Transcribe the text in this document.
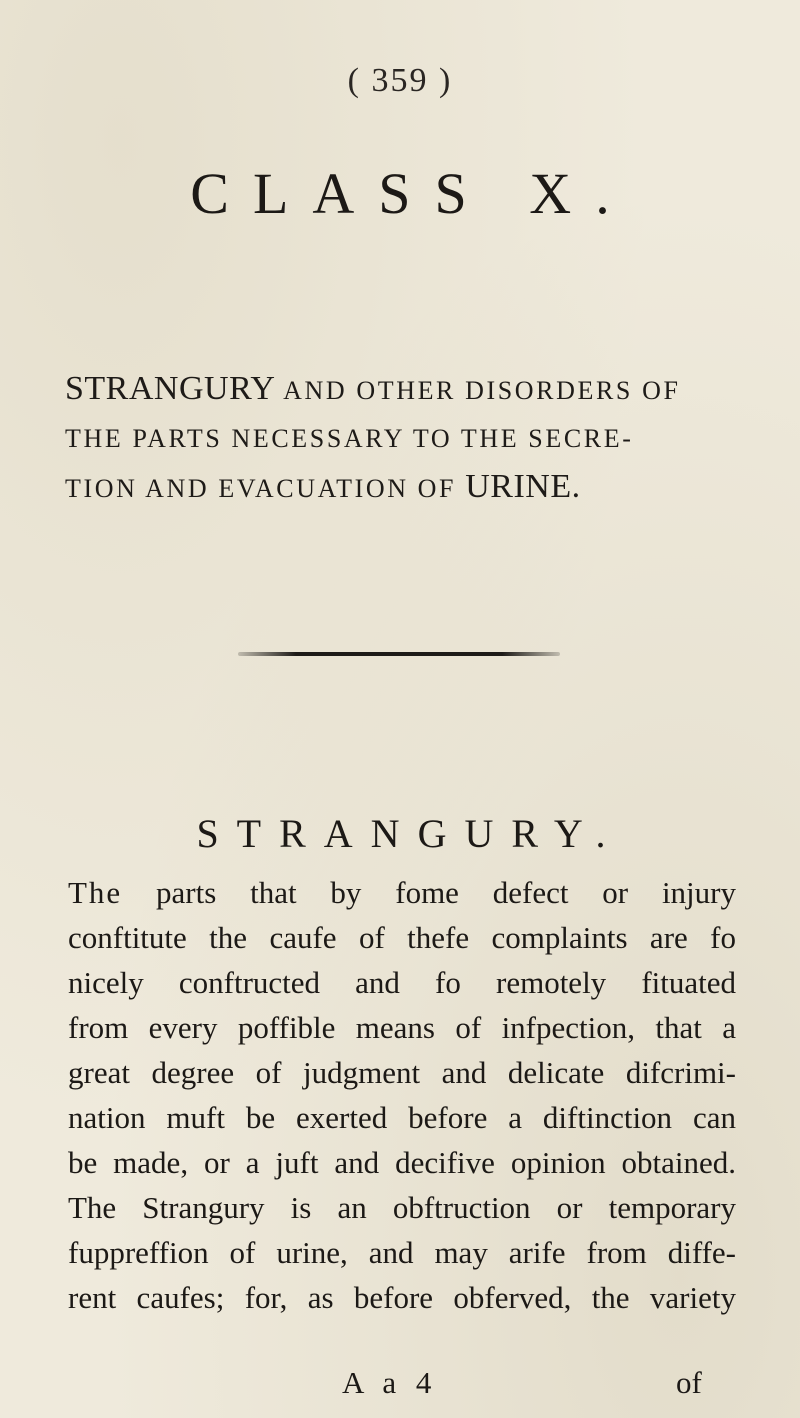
( 359 )
CLASS X.
STRANGURY AND OTHER DISORDERS OF
THE PARTS NECESSARY TO THE SECRE-
TION AND EVACUATION OF URINE.
STRANGURY.
The parts that by fome defect or injury
conftitute the caufe of thefe complaints are fo
nicely conftructed and fo remotely fituated
from every poffible means of infpection, that a
great degree of judgment and delicate difcrimi-
nation muft be exerted before a diftinction can
be made, or a juft and decifive opinion obtained.
The Strangury is an obftruction or temporary
fuppreffion of urine, and may arife from diffe-
rent caufes; for, as before obferved, the variety
A a 4	of
